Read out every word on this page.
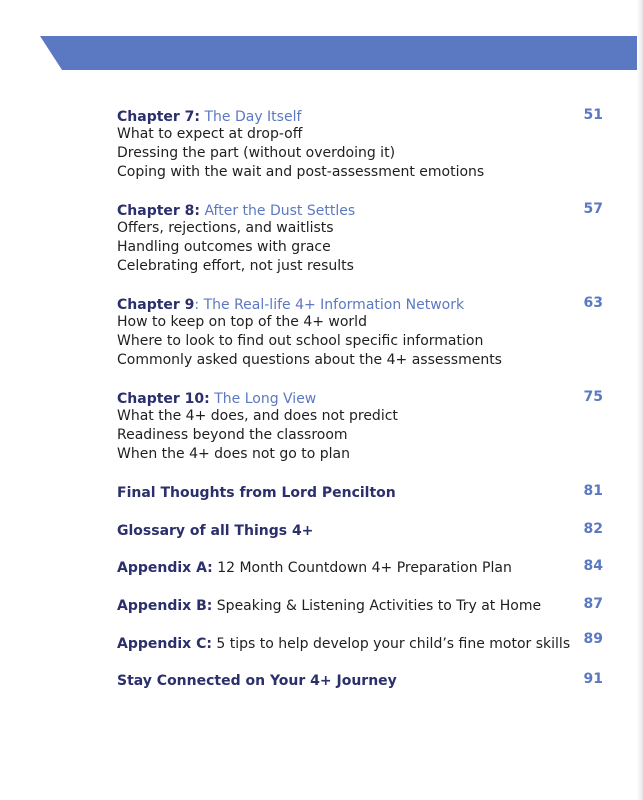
Chapter 7: The Day Itself	51
What to expect at drop-off
Dressing the part (without overdoing it)
Coping with the wait and post-assessment emotions
Chapter 8: After the Dust Settles	57
Offers, rejections, and waitlists
Handling outcomes with grace
Celebrating effort, not just results
Chapter 9: The Real-life 4+ Information Network	63
How to keep on top of the 4+ world
Where to look to find out school specific information
Commonly asked questions about the 4+ assessments
Chapter 10: The Long View	75
What the 4+ does, and does not predict
Readiness beyond the classroom
When the 4+ does not go to plan
Final Thoughts from Lord Pencilton	81
Glossary of all Things 4+	82
Appendix A: 12 Month Countdown 4+ Preparation Plan	84
Appendix B: Speaking & Listening Activities to Try at Home	87
Appendix C: 5 tips to help develop your child’s fine motor skills 89
Stay Connected on Your 4+ Journey	91
